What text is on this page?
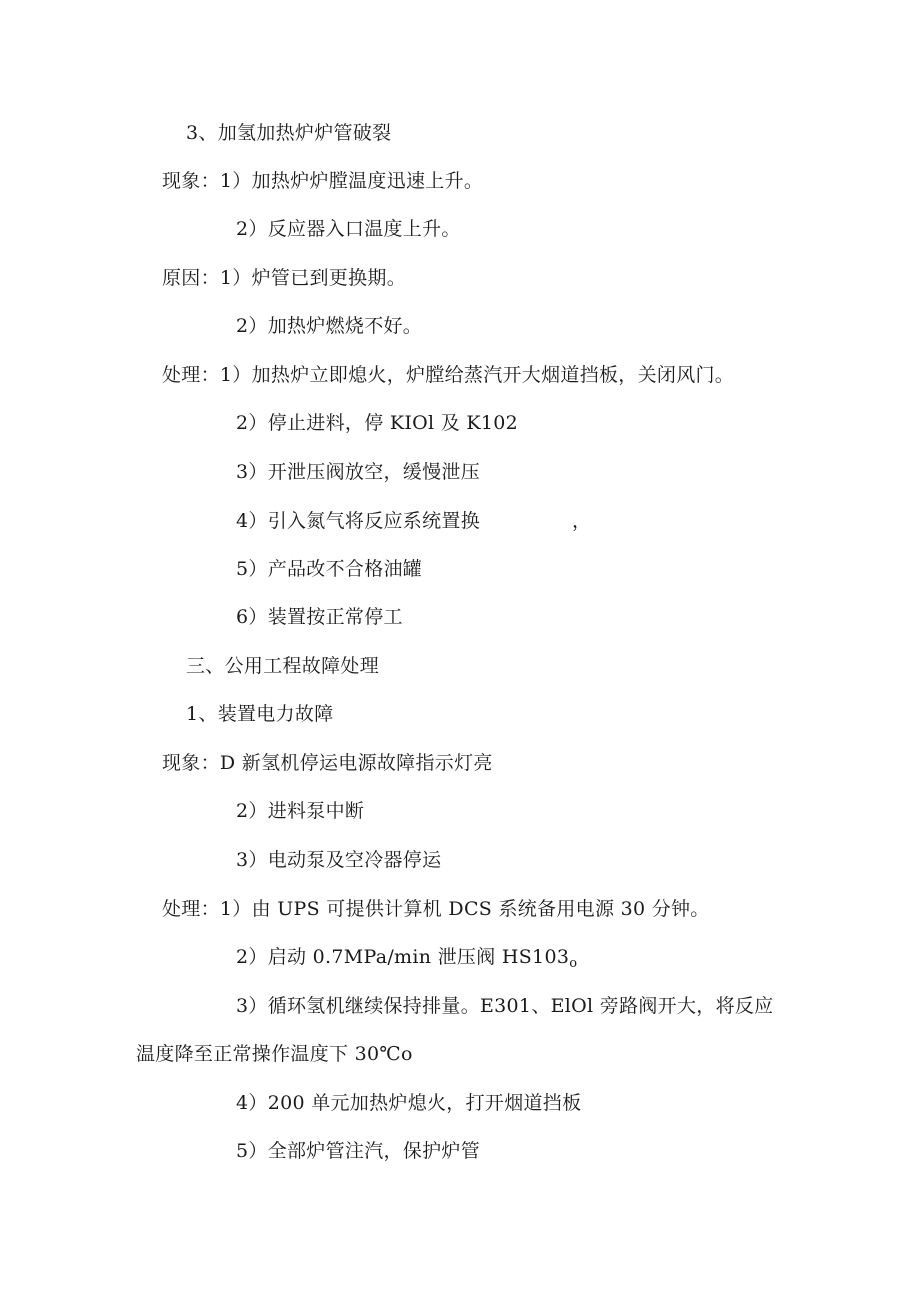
3、加氢加热炉炉管破裂
现象：1）加热炉炉膛温度迅速上升。
2）反应器入口温度上升。
原因：1）炉管已到更换期。
2）加热炉燃烧不好。
处理：1）加热炉立即熄火，炉膛给蒸汽开大烟道挡板，关闭风门。
2）停止进料，停 KIOl 及 K102
3）开泄压阀放空，缓慢泄压
4）引入氮气将反应系统置换	，
5）产品改不合格油罐
6）装置按正常停工
三、公用工程故障处理
1、装置电力故障
现象：D 新氢机停运电源故障指示灯亮
2）进料泵中断
3）电动泵及空冷器停运
处理：1）由 UPS 可提供计算机 DCS 系统备用电源 30 分钟。
2）启动 0.7MPa/min 泄压阀 $HS103_o$
3）循环氢机继续保持排量。E301、ElOl 旁路阀开大，将反应
温度降至正常操作温度下 30℃o
4）200 单元加热炉熄火，打开烟道挡板
5）全部炉管注汽，保护炉管
